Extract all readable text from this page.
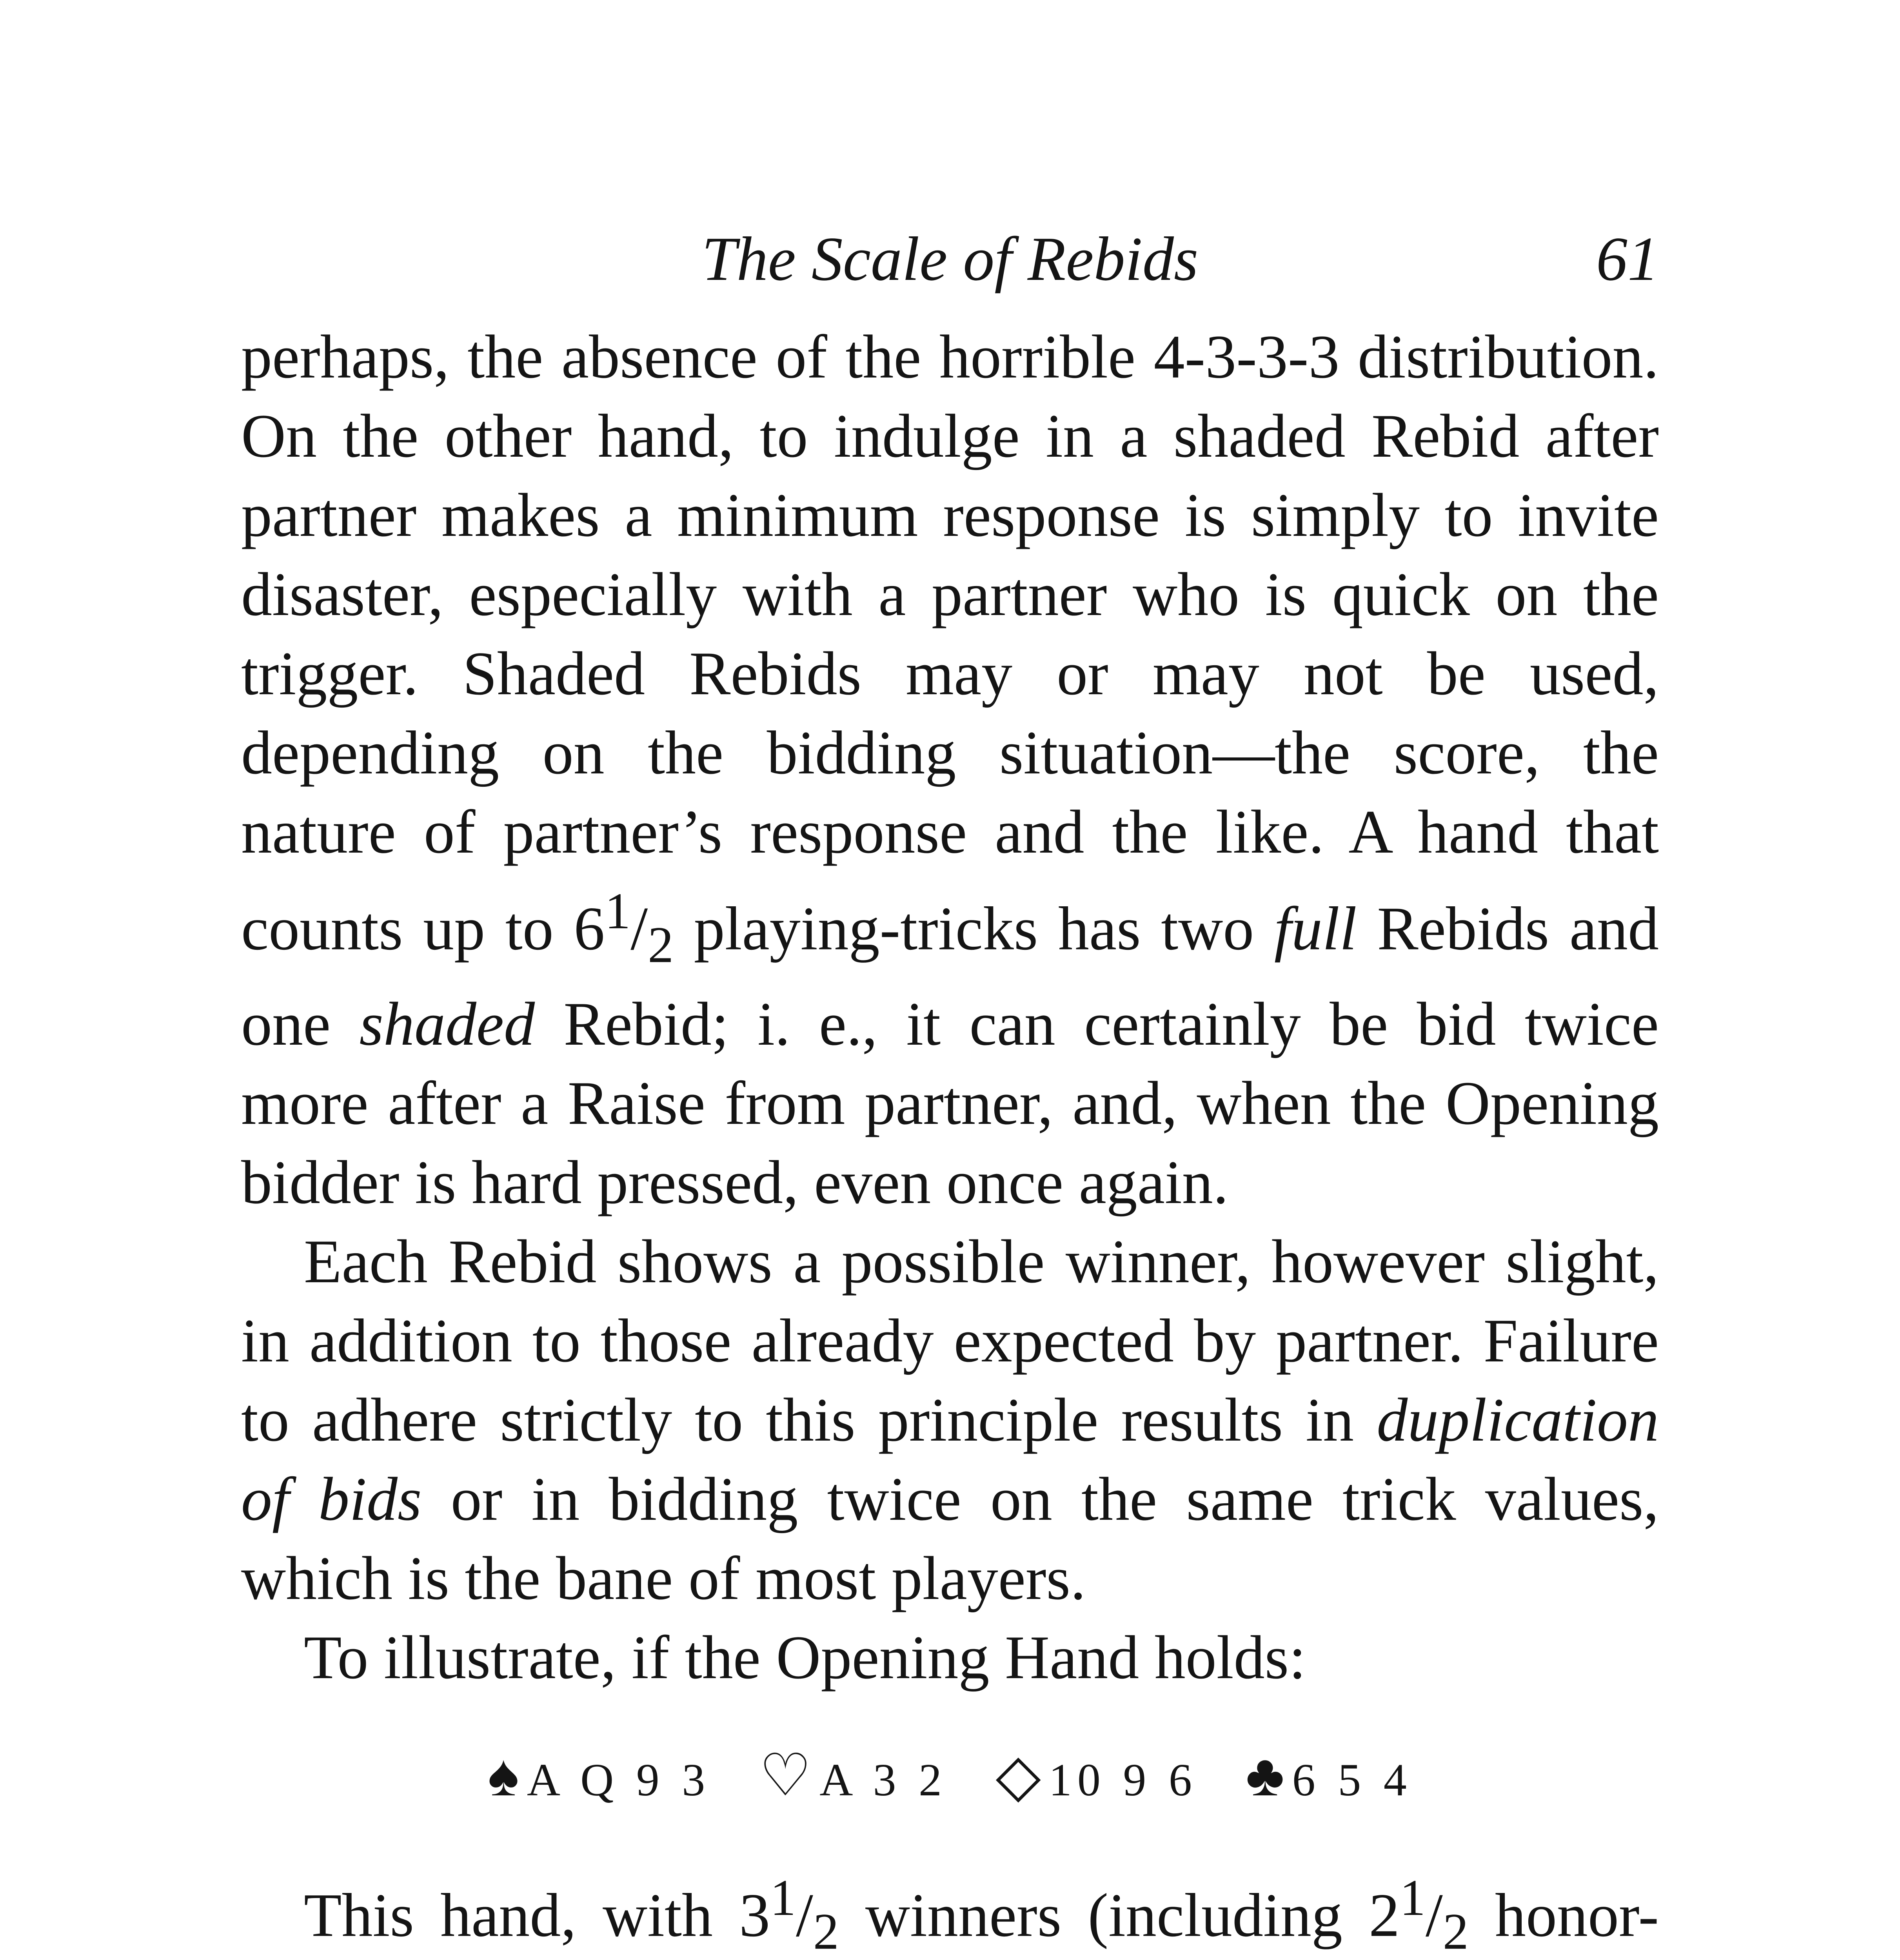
The Scale of Rebids	61

perhaps, the absence of the horrible 4-3-3-3 distribution. On the other hand, to indulge in a shaded Rebid after partner makes a minimum response is simply to invite disaster, especially with a partner who is quick on the trigger. Shaded Rebids may or may not be used, depending on the bidding situation—the score, the nature of partner’s response and the like. A hand that counts up to $6^1/_2$ playing-tricks has two full Rebids and one shaded Rebid; i. e., it can certainly be bid twice more after a Raise from partner, and, when the Opening bidder is hard pressed, even once again.

Each Rebid shows a possible winner, however slight, in addition to those already expected by partner. Failure to adhere strictly to this principle results in duplication of bids or in bidding twice on the same trick values, which is the bane of most players.

To illustrate, if the Opening Hand holds:

♠A Q 9 3 ♡A 3 2 ◇10 9 6 ♣6 5 4

This hand, with $3^1/_2$ winners (including $2^1/_2$ honor-
